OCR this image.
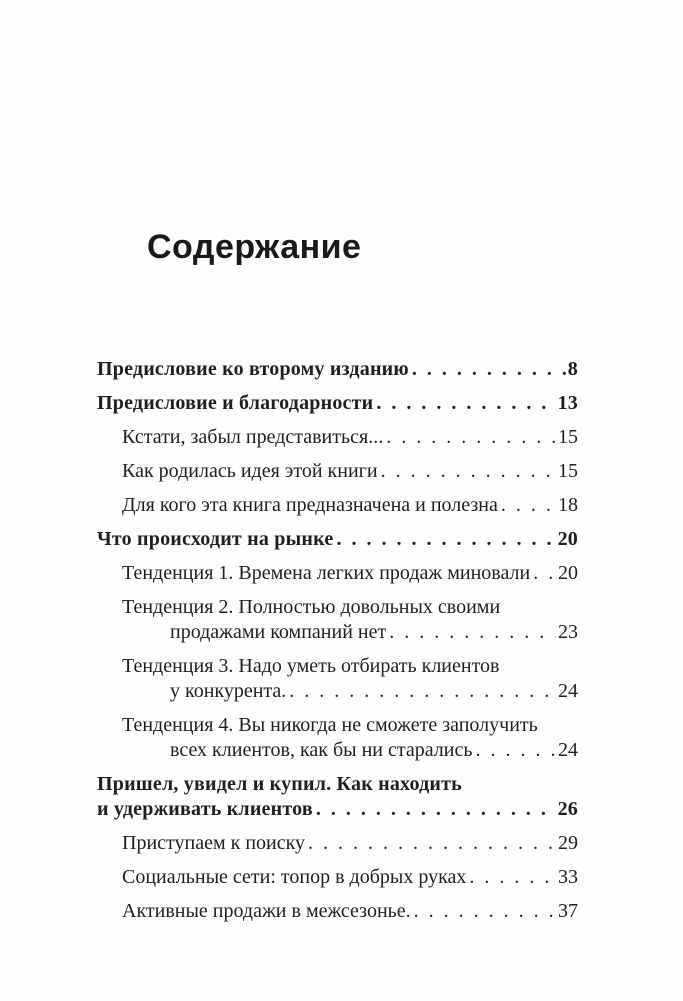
Содержание
Предисловие ко второму изданию . . .	8
Предисловие и благодарности . . .	13
Кстати, забыл представиться... . . .	15
Как родилась идея этой книги . . .	15
Для кого эта книга предназначена и полезна . . .	18
Что происходит на рынке . . .	20
Тенденция 1. Времена легких продаж миновали . . . 20
Тенденция 2. Полностью довольных своими
продажами компаний нет . . .	23
Тенденция 3. Надо уметь отбирать клиентов
у конкурента. . . .	24
Тенденция 4. Вы никогда не сможете заполучить
всех клиентов, как бы ни старались . . .	24
Пришел, увидел и купил. Как находить
и удерживать клиентов . . .	26
Приступаем к поиску . . .	29
Социальные сети: топор в добрых руках . . .	33
Активные продажи в межсезонье. . . .	37
